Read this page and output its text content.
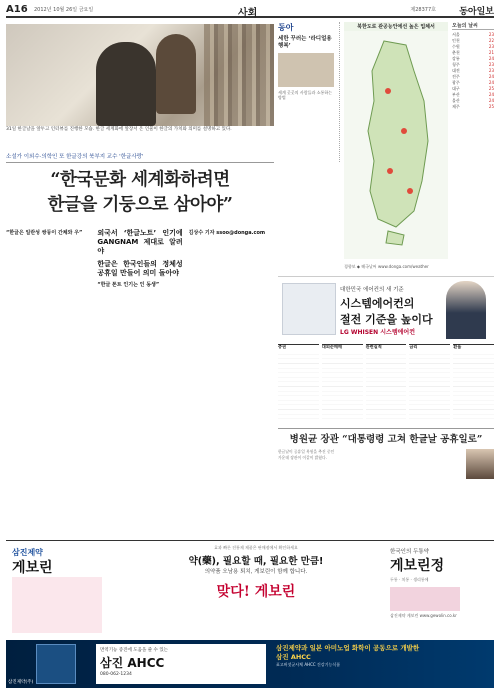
A16 2012년 10월 26일 금요일	사회	제28377호	동아일보
31일 한글날을 앞두고 인터뷰를 진행한 모습. 한글 세계화에 앞장서 온 인물이 한글의 가치와 의미를 설명하고 있다.
소설가 이외수·의학인 또 한글강의 북부지 교수 '한글사랑'
“한국문화 세계화하려면
한글을 기둥으로 삼아야”
“한글은 일란성 쌍둥이 간체와 우”	외국서 ‘한글노트’ 인기에 GANGNAM 제대로 알려야
한글은 한국인들의 정체성 공휴일 만들어 의미 돌아야
“한글 폰트 인기는 인 동생”
김상수 기자 ssoo@donga.com
동아
세한 꾸러는 ‘라디얼용 행복’
세계 곳곳의 사람들과 소통하는 방법
북한도로 관공능안에선 높은 업체서
경향보 ◆ 해국날씨 www.donga.com/weather
오늘의 날씨
서울	23
인천	22
수원	23
춘천	21
강릉	24
청주	23
대전	23
전주	24
광주	24
대구	25
부산	24
울산	24
제주	25
대한민국 에어컨의 새 기준
시스템에어컨의
절전 기준을 높이다
LG WHISEN 시스템에어컨
증권	대외순매매	관련실적	금리	환율
병원균 장관 “대통령령 고쳐 한글날 공휴일로”
한글날이 공휴일 복원을 추진 중인 가운데 장관이 이같이 밝혔다.
삼진제약
게보린
효과 빠른 진통제 제품은 판매점에서 확인하세요
약(藥), 필요할 때, 필요한 만큼!
의약품 오남용 퇴치, 게보린이 함께 합니다.
맞다! 게보린
한국인의 두통약
게보린정
두통 · 치통 · 생리통에
삼진제약 게보린 www.gewolin.co.kr
면역기능 증진에 도움을 줄 수 있는
삼진 AHCC
080-062-1234
삼진제약과 일본 아미노업 화학이 공동으로 개발한
삼진 AHCC
표고버섯균사체 AHCC 건강기능식품
삼진제약(주)
